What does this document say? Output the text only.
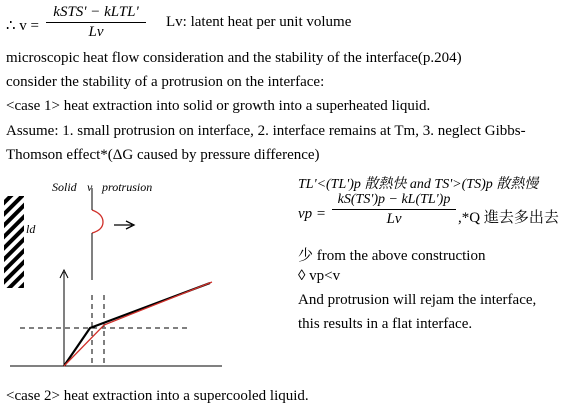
∴ v =
kSTS' − kLTL'
Lv
Lv: latent heat per unit volume
microscopic heat flow consideration and the stability of the interface(p.204)
consider the stability of a protrusion on the interface:
<case 1> heat extraction into solid or growth into a superheated liquid.
Assume: 1. small protrusion on interface, 2. interface remains at Tm, 3. neglect Gibbs-
Thomson effect*(ΔG caused by pressure difference)
Solid v protrusion
ld
TL'<(TL')p 散熱快 and TS'>(TS)p 散熱慢
vp = $\frac{kS(TS')p - kL(TL')p}{Lv} ,*Q$ 進去多出去
少 from the above construction
◊ vp<v
And protrusion will rejam the interface,
this results in a flat interface.
<case 2> heat extraction into a supercooled liquid.
